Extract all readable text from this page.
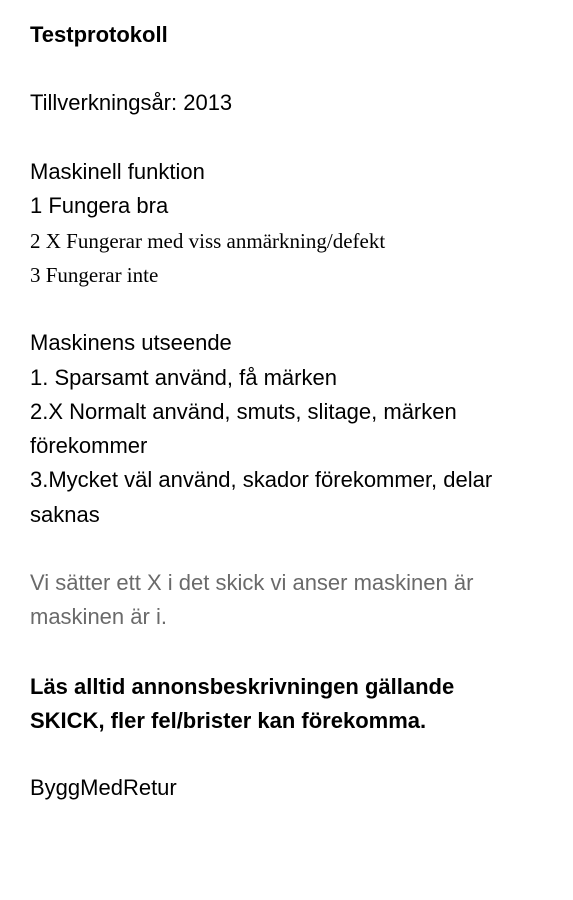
Testprotokoll
Tillverkningsår: 2013
Maskinell funktion
1 Fungera bra
2 X Fungerar med viss anmärkning/defekt
3 Fungerar inte
Maskinens utseende
1. Sparsamt använd, få märken
2.X Normalt använd, smuts, slitage, märken
förekommer
3.Mycket väl använd, skador förekommer, delar
saknas
Vi sätter ett X i det skick vi anser maskinen är
maskinen är i.
Läs alltid annonsbeskrivningen gällande
SKICK, fler fel/brister kan förekomma.
ByggMedRetur
